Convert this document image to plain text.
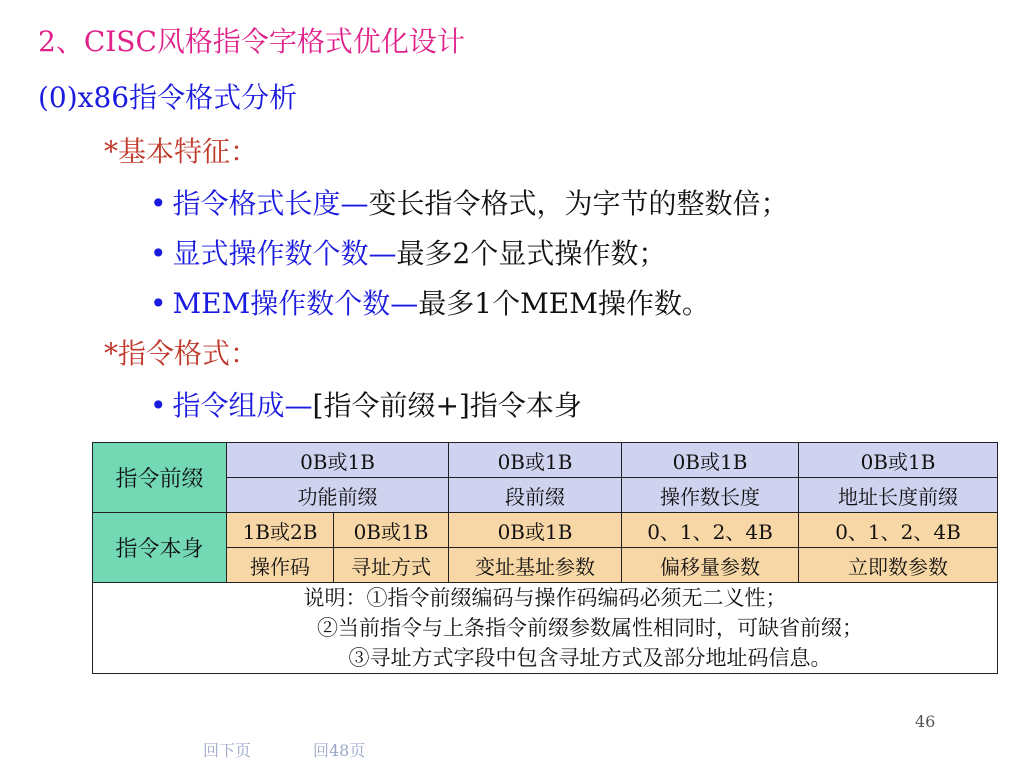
2、CISC风格指令字格式优化设计
(0)x86指令格式分析
*基本特征：
• 指令格式长度—变长指令格式，为字节的整数倍；
• 显式操作数个数—最多2个显式操作数；
• MEM操作数个数—最多1个MEM操作数。
*指令格式：
• 指令组成—[指令前缀+]指令本身
指令前缀	0B或1B		0B或1B	0B或1B	0B或1B
	功能前缀		段前缀	操作数长度	地址长度前缀
指令本身	1B或2B	0B或1B	0B或1B	0、1、2、4B	0、1、2、4B
	操作码	寻址方式	变址基址参数	偏移量参数	立即数参数

说明：①指令前缀编码与操作码编码必须无二义性；
②当前指令与上条指令前缀参数属性相同时，可缺省前缀；
③寻址方式字段中包含寻址方式及部分地址码信息。					
46
回下页	回48页
